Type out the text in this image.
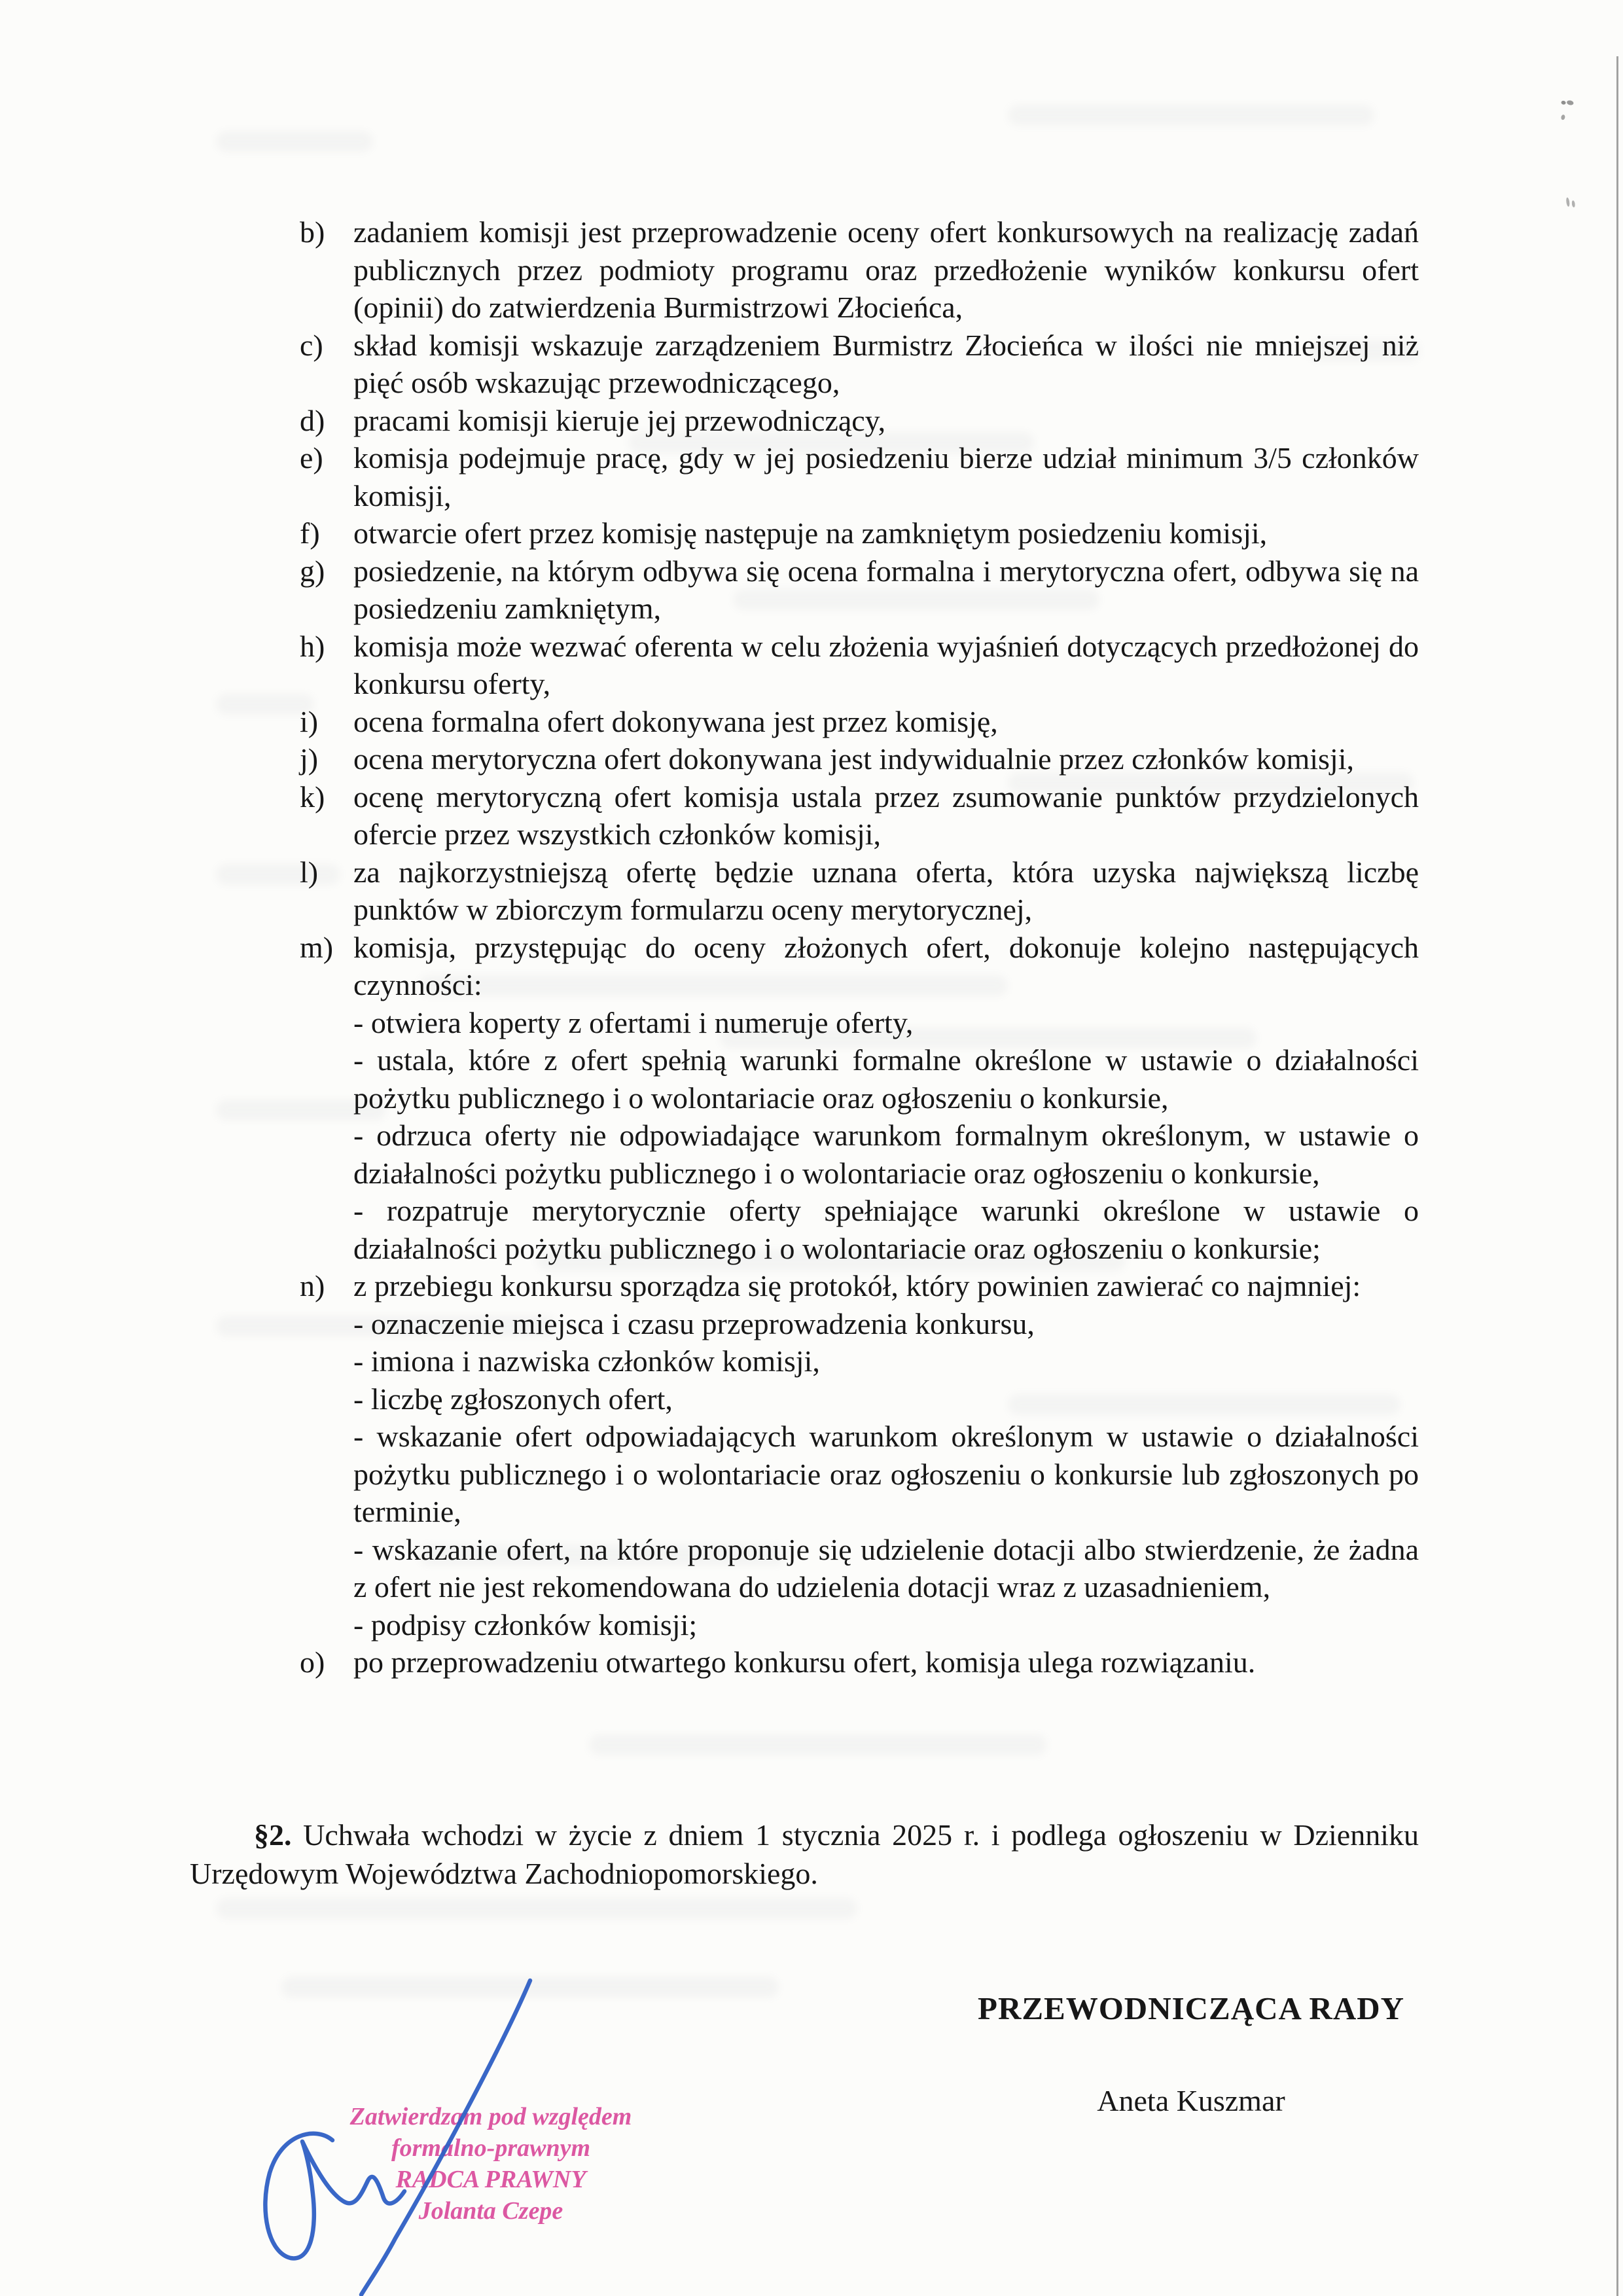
b) zadaniem komisji jest przeprowadzenie oceny ofert konkursowych na realizację zadań publicznych przez podmioty programu oraz przedłożenie wyników konkursu ofert (opinii) do zatwierdzenia Burmistrzowi Złocieńca,
c) skład komisji wskazuje zarządzeniem Burmistrz Złocieńca w ilości nie mniejszej niż pięć osób wskazując przewodniczącego,
d) pracami komisji kieruje jej przewodniczący,
e) komisja podejmuje pracę, gdy w jej posiedzeniu bierze udział minimum 3/5 członków komisji,
f) otwarcie ofert przez komisję następuje na zamkniętym posiedzeniu komisji,
g) posiedzenie, na którym odbywa się ocena formalna i merytoryczna ofert, odbywa się na posiedzeniu zamkniętym,
h) komisja może wezwać oferenta w celu złożenia wyjaśnień dotyczących przedłożonej do konkursu oferty,
i) ocena formalna ofert dokonywana jest przez komisję,
j) ocena merytoryczna ofert dokonywana jest indywidualnie przez członków komisji,
k) ocenę merytoryczną ofert komisja ustala przez zsumowanie punktów przydzielonych ofercie przez wszystkich członków komisji,
l) za najkorzystniejszą ofertę będzie uznana oferta, która uzyska największą liczbę punktów w zbiorczym formularzu oceny merytorycznej,
m) komisja, przystępując do oceny złożonych ofert, dokonuje kolejno następujących czynności:
- otwiera koperty z ofertami i numeruje oferty,
- ustala, które z ofert spełnią warunki formalne określone w ustawie o działalności pożytku publicznego i o wolontariacie oraz ogłoszeniu o konkursie,
- odrzuca oferty nie odpowiadające warunkom formalnym określonym, w ustawie o działalności pożytku publicznego i o wolontariacie oraz ogłoszeniu o konkursie,
- rozpatruje merytorycznie oferty spełniające warunki określone w ustawie o działalności pożytku publicznego i o wolontariacie oraz ogłoszeniu o konkursie;
n) z przebiegu konkursu sporządza się protokół, który powinien zawierać co najmniej:
- oznaczenie miejsca i czasu przeprowadzenia konkursu,
- imiona i nazwiska członków komisji,
- liczbę zgłoszonych ofert,
- wskazanie ofert odpowiadających warunkom określonym w ustawie o działalności pożytku publicznego i o wolontariacie oraz ogłoszeniu o konkursie lub zgłoszonych po terminie,
- wskazanie ofert, na które proponuje się udzielenie dotacji albo stwierdzenie, że żadna z ofert nie jest rekomendowana do udzielenia dotacji wraz z uzasadnieniem,
- podpisy członków komisji;
o) po przeprowadzeniu otwartego konkursu ofert, komisja ulega rozwiązaniu.

§2. Uchwała wchodzi w życie z dniem 1 stycznia 2025 r. i podlega ogłoszeniu w Dzienniku Urzędowym Województwa Zachodniopomorskiego.

PRZEWODNICZĄCA RADY
Aneta Kuszmar
Zatwierdzam pod względem
formalno-prawnym
RADCA PRAWNY
Jolanta Czepe
